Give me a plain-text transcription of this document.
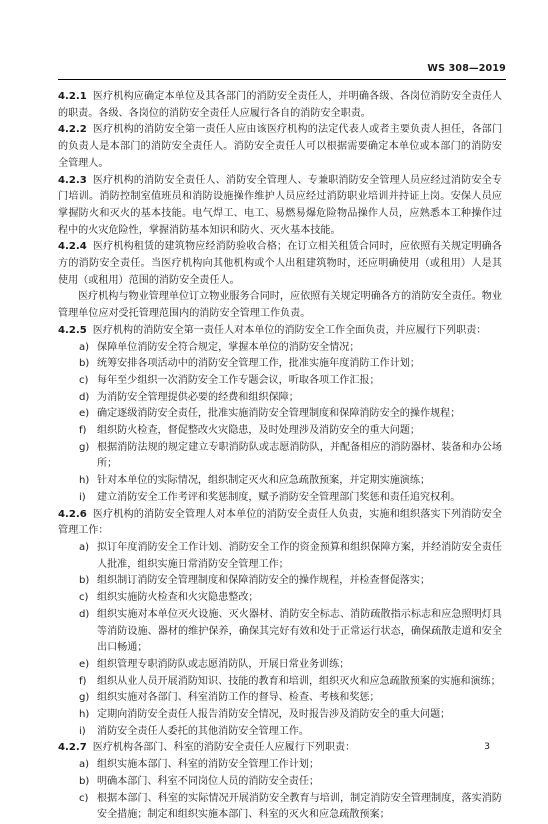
WS 308—2019

4.2.1 医疗机构应确定本单位及其各部门的消防安全责任人，并明确各级、各岗位消防安全责任人的职责。各级、各岗位的消防安全责任人应履行各自的消防安全职责。

4.2.2 医疗机构的消防安全第一责任人应由该医疗机构的法定代表人或者主要负责人担任，各部门的负责人是本部门的消防安全责任人。消防安全责任人可以根据需要确定本单位或本部门的消防安全管理人。

4.2.3 医疗机构的消防安全责任人、消防安全管理人、专兼职消防安全管理人员应经过消防安全专门培训。消防控制室值班员和消防设施操作维护人员应经过消防职业培训并持证上岗。安保人员应掌握防火和灭火的基本技能。电气焊工、电工、易燃易爆危险物品操作人员，应熟悉本工种操作过程中的火灾危险性，掌握消防基本知识和防火、灭火基本技能。

4.2.4 医疗机构租赁的建筑物应经消防验收合格；在订立相关租赁合同时，应依照有关规定明确各方的消防安全责任。当医疗机构向其他机构或个人出租建筑物时，还应明确使用（或租用）人是其使用（或租用）范围的消防安全责任人。

医疗机构与物业管理单位订立物业服务合同时，应依照有关规定明确各方的消防安全责任。物业管理单位应对受托管理范围内的消防安全管理工作负责。

4.2.5 医疗机构的消防安全第一责任人对本单位的消防安全工作全面负责，并应履行下列职责：

a) 保障单位消防安全符合规定，掌握本单位的消防安全情况；
b) 统筹安排各项活动中的消防安全管理工作，批准实施年度消防工作计划；
c) 每年至少组织一次消防安全工作专题会议，听取各项工作汇报；
d) 为消防安全管理提供必要的经费和组织保障；
e) 确定逐级消防安全责任，批准实施消防安全管理制度和保障消防安全的操作规程；
f)	组织防火检查，督促整改火灾隐患，及时处理涉及消防安全的重大问题；
g) 根据消防法规的规定建立专职消防队或志愿消防队，并配备相应的消防器材、装备和办公场所；
h) 针对本单位的实际情况，组织制定灭火和应急疏散预案，并定期实施演练；
i)	建立消防安全工作考评和奖惩制度，赋予消防安全管理部门奖惩和责任追究权利。

4.2.6 医疗机构的消防安全管理人对本单位的消防安全责任人负责，实施和组织落实下列消防安全管理工作：

a) 拟订年度消防安全工作计划、消防安全工作的资金预算和组织保障方案，并经消防安全责任人批准，组织实施日常消防安全管理工作；
b) 组织制订消防安全管理制度和保障消防安全的操作规程，并检查督促落实；
c) 组织实施防火检查和火灾隐患整改；
d) 组织实施对本单位灭火设施、灭火器材、消防安全标志、消防疏散指示标志和应急照明灯具等消防设施、器材的维护保养，确保其完好有效和处于正常运行状态，确保疏散走道和安全出口畅通；
e) 组织管理专职消防队或志愿消防队，开展日常业务训练；
f)	组织从业人员开展消防知识、技能的教育和培训，组织灭火和应急疏散预案的实施和演练；
g) 组织实施对各部门、科室消防工作的督导、检查、考核和奖惩；
h) 定期向消防安全责任人报告消防安全情况，及时报告涉及消防安全的重大问题；
i)	消防安全责任人委托的其他消防安全管理工作。

4.2.7 医疗机构各部门、科室的消防安全责任人应履行下列职责：

a) 组织实施本部门、科室的消防安全管理工作计划；
b) 明确本部门、科室不同岗位人员的消防安全责任；
c) 根据本部门、科室的实际情况开展消防安全教育与培训，制定消防安全管理制度，落实消防安全措施；制定和组织实施本部门、科室的灭火和应急疏散预案；
3
